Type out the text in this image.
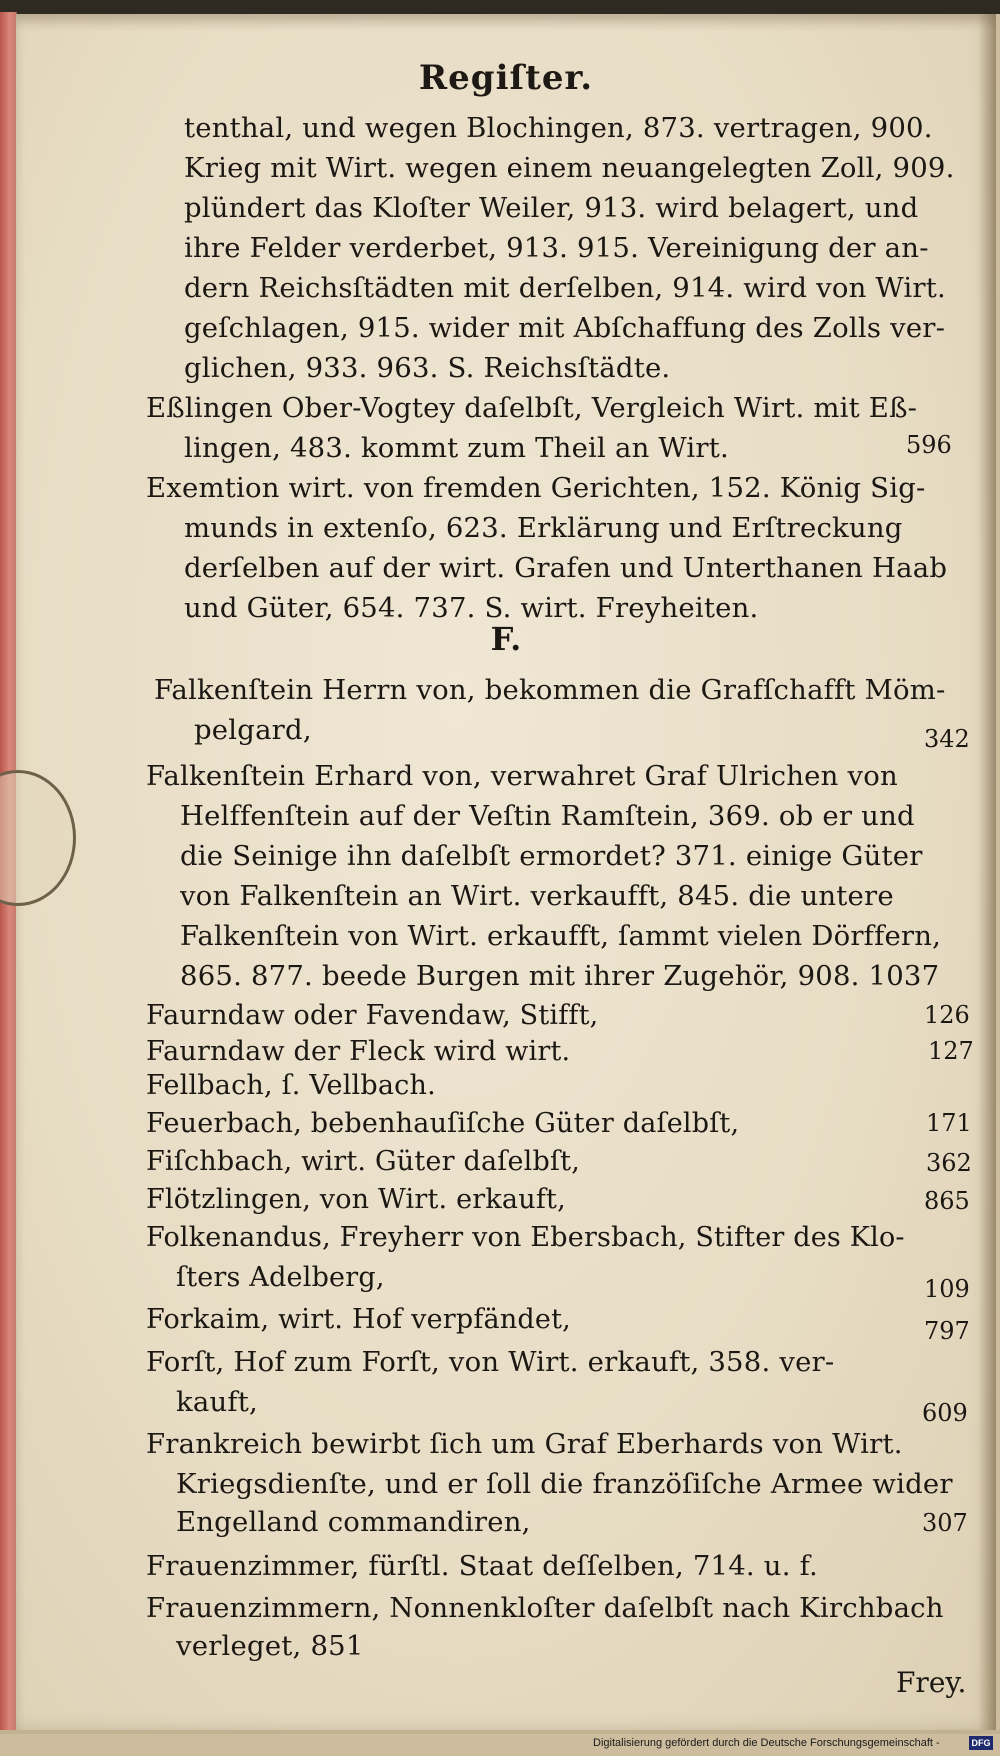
Regiſter.
tenthal, und wegen Blochingen, 873. vertragen, 900.
Krieg mit Wirt. wegen einem neuangelegten Zoll, 909.
plündert das Kloſter Weiler, 913. wird belagert, und
ihre Felder verderbet, 913. 915. Vereinigung der an-
dern Reichsſtädten mit derſelben, 914. wird von Wirt.
geſchlagen, 915. wider mit Abſchaffung des Zolls ver-
glichen, 933. 963. S. Reichsſtädte.
Eßlingen Ober-Vogtey daſelbſt, Vergleich Wirt. mit Eß-
lingen, 483. kommt zum Theil an Wirt.	596
Exemtion wirt. von fremden Gerichten, 152. König Sig-
munds in extenſo, 623. Erklärung und Erſtreckung
derſelben auf der wirt. Grafen und Unterthanen Haab
und Güter, 654. 737. S. wirt. Freyheiten.
F.
Falkenſtein Herrn von, bekommen die Grafſchafft Möm-
pelgard,	342
Falkenſtein Erhard von, verwahret Graf Ulrichen von
Helffenſtein auf der Veſtin Ramſtein, 369. ob er und
die Seinige ihn daſelbſt ermordet? 371. einige Güter
von Falkenſtein an Wirt. verkaufft, 845. die untere
Falkenſtein von Wirt. erkaufft, ſammt vielen Dörffern,
865. 877. beede Burgen mit ihrer Zugehör, 908. 1037
Faurndaw oder Favendaw, Stifft,	126
Faurndaw der Fleck wird wirt.	127
Fellbach, ſ. Vellbach.
Feuerbach, bebenhauſiſche Güter daſelbſt,	171
Fiſchbach, wirt. Güter daſelbſt,	362
Flötzlingen, von Wirt. erkauft,	865
Folkenandus, Freyherr von Ebersbach, Stifter des Klo-
ſters Adelberg,	109
Forkaim, wirt. Hof verpfändet,	797
Forſt, Hof zum Forſt, von Wirt. erkauft, 358. ver-
kauft,	609
Frankreich bewirbt ſich um Graf Eberhards von Wirt.
Kriegsdienſte, und er ſoll die franzöſiſche Armee wider
Engelland commandiren,	307
Frauenzimmer, fürſtl. Staat deſſelben, 714. u. f.
Frauenzimmern, Nonnenkloſter daſelbſt nach Kirchbach
verleget, 851
Frey.
Digitalisierung gefördert durch die Deutsche Forschungsgemeinschaft -	DFG
